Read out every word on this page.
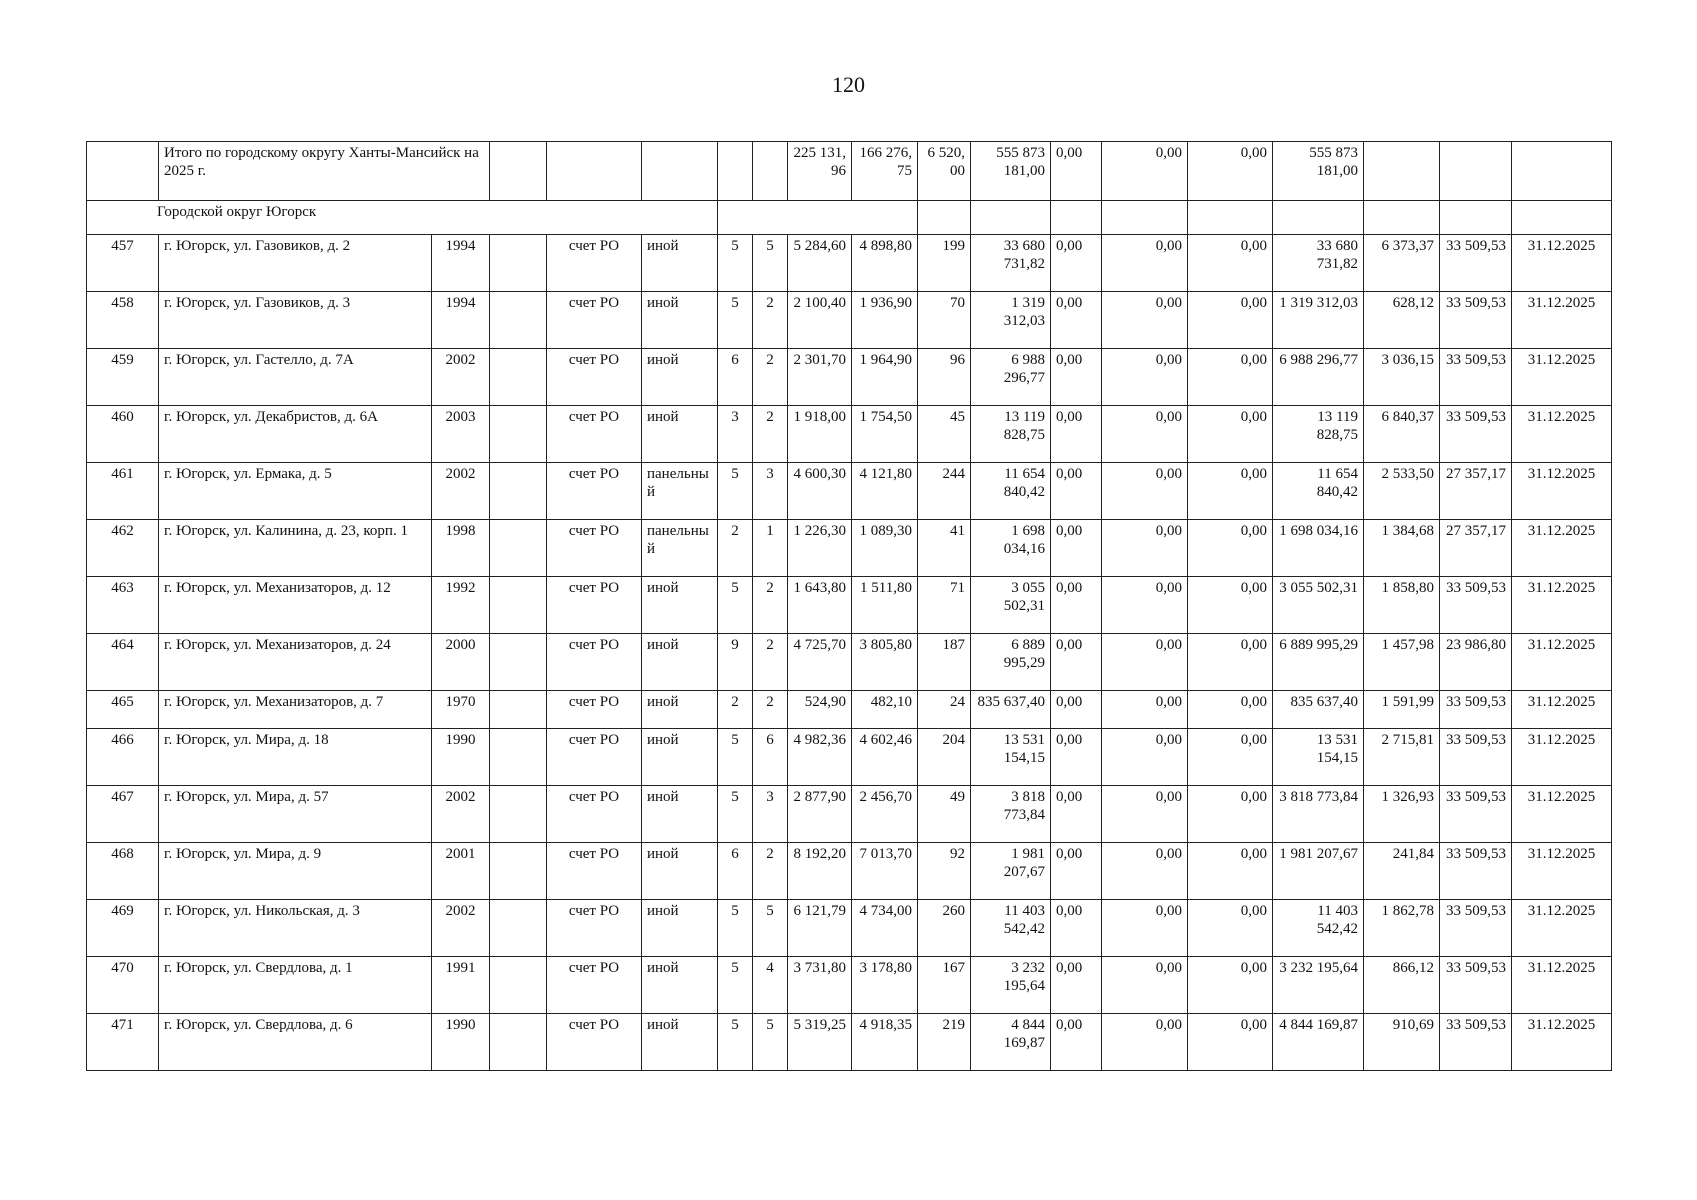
120
	Итого по городскому округу Ханты-Мансийск на 2025 г.							225 131,96	166 276,75	6 520,00	555 873 181,00	0,00	0,00	0,00	555 873 181,00			
Городской округ Югорск																		
457	г. Югорск, ул. Газовиков, д. 2	1994		счет РО	иной	5	5	5 284,60	4 898,80	199	33 680 731,82	0,00	0,00	0,00	33 680 731,82	6 373,37	33 509,53	31.12.2025
458	г. Югорск, ул. Газовиков, д. 3	1994		счет РО	иной	5	2	2 100,40	1 936,90	70	1 319 312,03	0,00	0,00	0,00	1 319 312,03	628,12	33 509,53	31.12.2025
459	г. Югорск, ул. Гастелло, д. 7А	2002		счет РО	иной	6	2	2 301,70	1 964,90	96	6 988 296,77	0,00	0,00	0,00	6 988 296,77	3 036,15	33 509,53	31.12.2025
460	г. Югорск, ул. Декабристов, д. 6А	2003		счет РО	иной	3	2	1 918,00	1 754,50	45	13 119 828,75	0,00	0,00	0,00	13 119 828,75	6 840,37	33 509,53	31.12.2025
461	г. Югорск, ул. Ермака, д. 5	2002		счет РО	панельный	5	3	4 600,30	4 121,80	244	11 654 840,42	0,00	0,00	0,00	11 654 840,42	2 533,50	27 357,17	31.12.2025
462	г. Югорск, ул. Калинина, д. 23, корп. 1	1998		счет РО	панельный	2	1	1 226,30	1 089,30	41	1 698 034,16	0,00	0,00	0,00	1 698 034,16	1 384,68	27 357,17	31.12.2025
463	г. Югорск, ул. Механизаторов, д. 12	1992		счет РО	иной	5	2	1 643,80	1 511,80	71	3 055 502,31	0,00	0,00	0,00	3 055 502,31	1 858,80	33 509,53	31.12.2025
464	г. Югорск, ул. Механизаторов, д. 24	2000		счет РО	иной	9	2	4 725,70	3 805,80	187	6 889 995,29	0,00	0,00	0,00	6 889 995,29	1 457,98	23 986,80	31.12.2025
465	г. Югорск, ул. Механизаторов, д. 7	1970		счет РО	иной	2	2	524,90	482,10	24	835 637,40	0,00	0,00	0,00	835 637,40	1 591,99	33 509,53	31.12.2025
466	г. Югорск, ул. Мира, д. 18	1990		счет РО	иной	5	6	4 982,36	4 602,46	204	13 531 154,15	0,00	0,00	0,00	13 531 154,15	2 715,81	33 509,53	31.12.2025
467	г. Югорск, ул. Мира, д. 57	2002		счет РО	иной	5	3	2 877,90	2 456,70	49	3 818 773,84	0,00	0,00	0,00	3 818 773,84	1 326,93	33 509,53	31.12.2025
468	г. Югорск, ул. Мира, д. 9	2001		счет РО	иной	6	2	8 192,20	7 013,70	92	1 981 207,67	0,00	0,00	0,00	1 981 207,67	241,84	33 509,53	31.12.2025
469	г. Югорск, ул. Никольская, д. 3	2002		счет РО	иной	5	5	6 121,79	4 734,00	260	11 403 542,42	0,00	0,00	0,00	11 403 542,42	1 862,78	33 509,53	31.12.2025
470	г. Югорск, ул. Свердлова, д. 1	1991		счет РО	иной	5	4	3 731,80	3 178,80	167	3 232 195,64	0,00	0,00	0,00	3 232 195,64	866,12	33 509,53	31.12.2025
471	г. Югорск, ул. Свердлова, д. 6	1990		счет РО	иной	5	5	5 319,25	4 918,35	219	4 844 169,87	0,00	0,00	0,00	4 844 169,87	910,69	33 509,53	31.12.2025
